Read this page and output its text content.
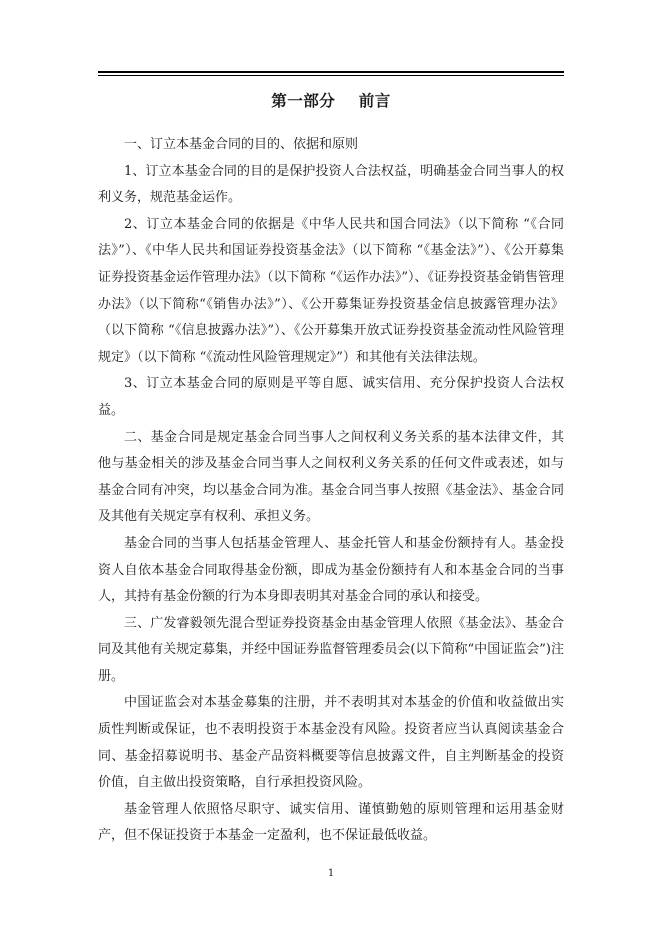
第一部分    前言

一、订立本基金合同的目的、依据和原则

1、订立本基金合同的目的是保护投资人合法权益，明确基金合同当事人的权利义务，规范基金运作。

2、订立本基金合同的依据是《中华人民共和国合同法》（以下简称 “《合同法》”）、《中华人民共和国证券投资基金法》（以下简称 “《基金法》”）、《公开募集证券投资基金运作管理办法》（以下简称 “《运作办法》”）、《证券投资基金销售管理办法》（以下简称“《销售办法》”）、《公开募集证券投资基金信息披露管理办法》（以下简称 “《信息披露办法》”）、《公开募集开放式证券投资基金流动性风险管理规定》（以下简称 “《流动性风险管理规定》”）和其他有关法律法规。

3、订立本基金合同的原则是平等自愿、诚实信用、充分保护投资人合法权益。

二、基金合同是规定基金合同当事人之间权利义务关系的基本法律文件，其他与基金相关的涉及基金合同当事人之间权利义务关系的任何文件或表述，如与基金合同有冲突，均以基金合同为准。基金合同当事人按照《基金法》、基金合同及其他有关规定享有权利、承担义务。

基金合同的当事人包括基金管理人、基金托管人和基金份额持有人。基金投资人自依本基金合同取得基金份额，即成为基金份额持有人和本基金合同的当事人，其持有基金份额的行为本身即表明其对基金合同的承认和接受。

三、广发睿毅领先混合型证券投资基金由基金管理人依照《基金法》、基金合同及其他有关规定募集，并经中国证券监督管理委员会(以下简称“中国证监会”)注册。

中国证监会对本基金募集的注册，并不表明其对本基金的价值和收益做出实质性判断或保证，也不表明投资于本基金没有风险。投资者应当认真阅读基金合同、基金招募说明书、基金产品资料概要等信息披露文件，自主判断基金的投资价值，自主做出投资策略，自行承担投资风险。

基金管理人依照恪尽职守、诚实信用、谨慎勤勉的原则管理和运用基金财产，但不保证投资于本基金一定盈利，也不保证最低收益。

1
